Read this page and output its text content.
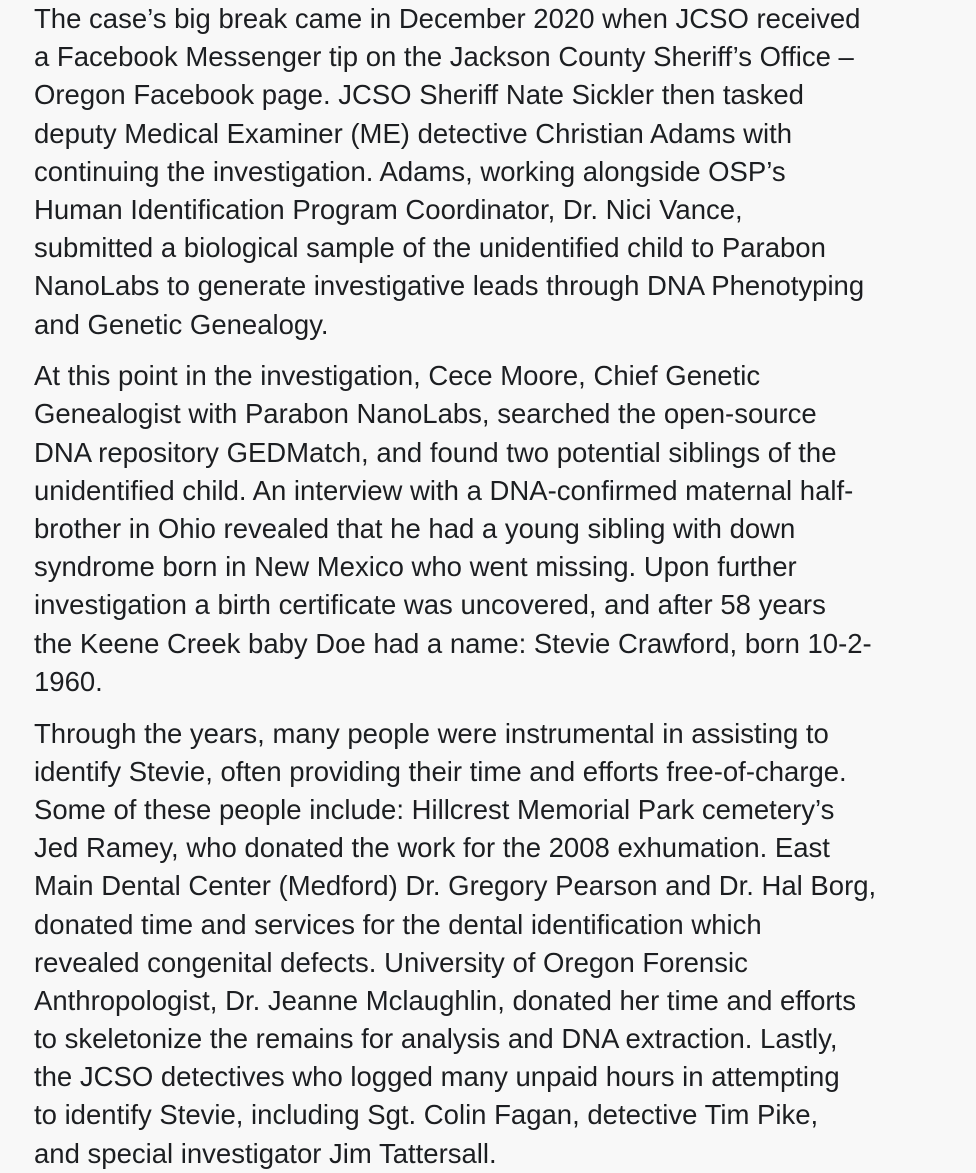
The case’s big break came in December 2020 when JCSO received
a Facebook Messenger tip on the Jackson County Sheriff’s Office –
Oregon Facebook page. JCSO Sheriff Nate Sickler then tasked
deputy Medical Examiner (ME) detective Christian Adams with
continuing the investigation. Adams, working alongside OSP’s
Human Identification Program Coordinator, Dr. Nici Vance,
submitted a biological sample of the unidentified child to Parabon
NanoLabs to generate investigative leads through DNA Phenotyping
and Genetic Genealogy.
At this point in the investigation, Cece Moore, Chief Genetic
Genealogist with Parabon NanoLabs, searched the open-source
DNA repository GEDMatch, and found two potential siblings of the
unidentified child. An interview with a DNA-confirmed maternal half-
brother in Ohio revealed that he had a young sibling with down
syndrome born in New Mexico who went missing. Upon further
investigation a birth certificate was uncovered, and after 58 years
the Keene Creek baby Doe had a name: Stevie Crawford, born 10-2-
1960.
Through the years, many people were instrumental in assisting to
identify Stevie, often providing their time and efforts free-of-charge.
Some of these people include: Hillcrest Memorial Park cemetery’s
Jed Ramey, who donated the work for the 2008 exhumation. East
Main Dental Center (Medford) Dr. Gregory Pearson and Dr. Hal Borg,
donated time and services for the dental identification which
revealed congenital defects. University of Oregon Forensic
Anthropologist, Dr. Jeanne Mclaughlin, donated her time and efforts
to skeletonize the remains for analysis and DNA extraction. Lastly,
the JCSO detectives who logged many unpaid hours in attempting
to identify Stevie, including Sgt. Colin Fagan, detective Tim Pike,
and special investigator Jim Tattersall.
